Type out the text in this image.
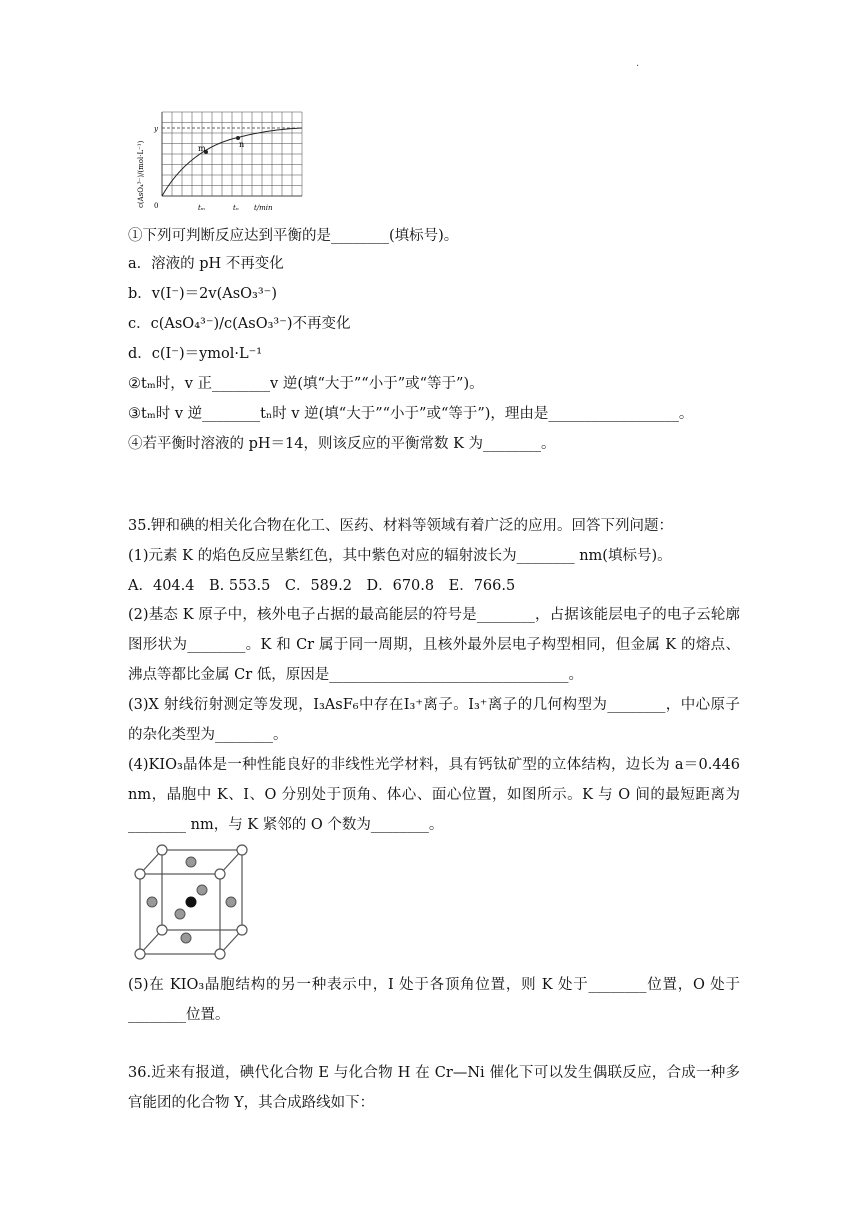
.
c(AsO₄³⁻)/(mol·L⁻¹)
y
0	tₘ	tₙ t/min
m	n
①下列可判断反应达到平衡的是________(填标号)。
a．溶液的 pH 不再变化
b．v(I⁻)＝2v(AsO₃³⁻)
c．c(AsO₄³⁻)/c(AsO₃³⁻)不再变化
d．c(I⁻)＝ymol·L⁻¹
②tₘ时，v 正________v 逆(填“大于”“小于”或“等于”)。
③tₘ时 v 逆________tₙ时 v 逆(填“大于”“小于”或“等于”)，理由是__________________。
④若平衡时溶液的 pH＝14，则该反应的平衡常数 K 为________。
35.钾和碘的相关化合物在化工、医药、材料等领域有着广泛的应用。回答下列问题：
(1)元素 K 的焰色反应呈紫红色，其中紫色对应的辐射波长为________ nm(填标号)。
A．404.4　B. 553.5　C．589.2　D．670.8　E．766.5
(2)基态 K 原子中，核外电子占据的最高能层的符号是________，占据该能层电子的电子云轮廓图形状为________。K 和 Cr 属于同一周期，且核外最外层电子构型相同，但金属 K 的熔点、沸点等都比金属 Cr 低，原因是_________________________________。
(3)X 射线衍射测定等发现，I₃AsF₆中存在I₃⁺离子。I₃⁺离子的几何构型为________，中心原子的杂化类型为________。
(4)KIO₃晶体是一种性能良好的非线性光学材料，具有钙钛矿型的立体结构，边长为 a＝0.446 nm，晶胞中 K、I、O 分别处于顶角、体心、面心位置，如图所示。K 与 O 间的最短距离为________ nm，与 K 紧邻的 O 个数为________。
(5)在 KIO₃晶胞结构的另一种表示中，I 处于各顶角位置，则 K 处于________位置，O 处于________位置。
36.近来有报道，碘代化合物 E 与化合物 H 在 Cr—Ni 催化下可以发生偶联反应，合成一种多官能团的化合物 Y，其合成路线如下：
